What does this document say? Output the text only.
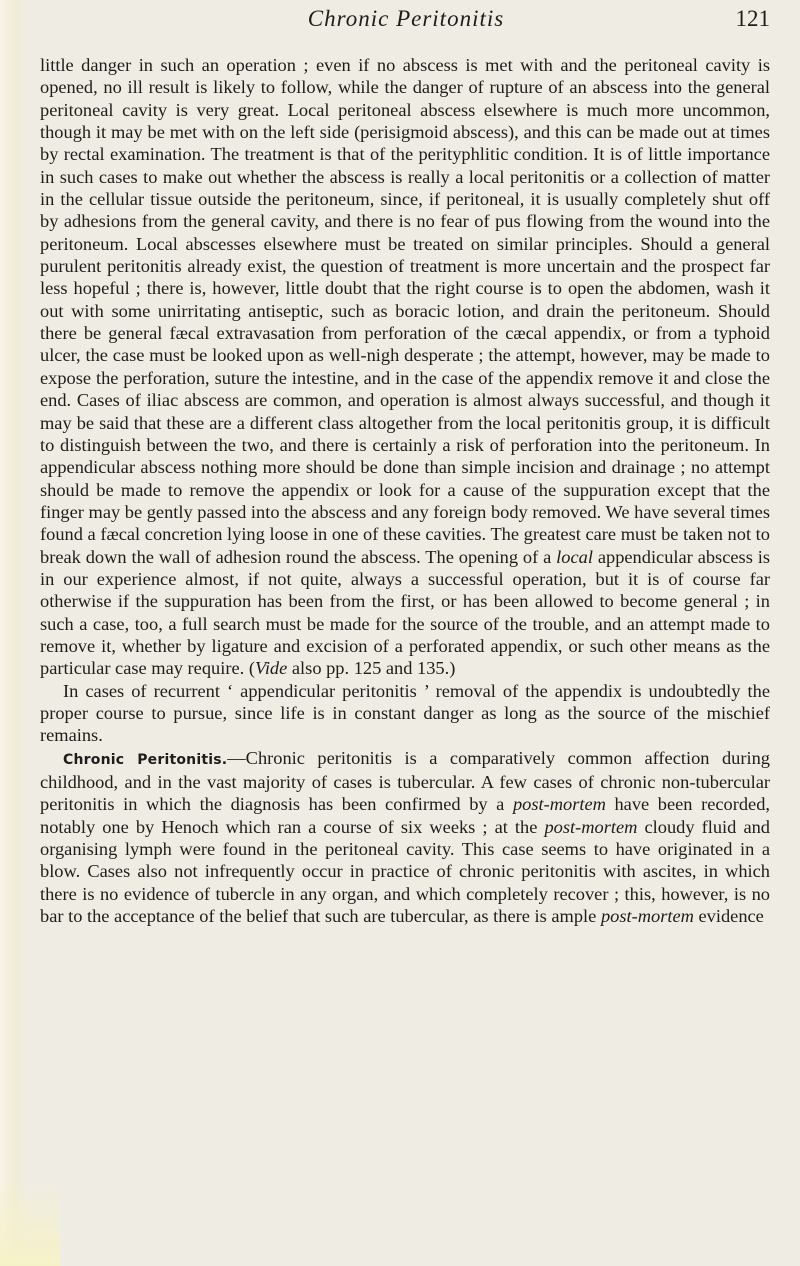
Chronic Peritonitis	121

little danger in such an operation ; even if no abscess is met with and the peritoneal cavity is opened, no ill result is likely to follow, while the danger of rupture of an abscess into the general peritoneal cavity is very great. Local peritoneal abscess elsewhere is much more uncommon, though it may be met with on the left side (perisigmoid abscess), and this can be made out at times by rectal examination. The treatment is that of the perityphlitic condition. It is of little importance in such cases to make out whether the abscess is really a local peritonitis or a collection of matter in the cellular tissue outside the peritoneum, since, if peritoneal, it is usually completely shut off by adhesions from the general cavity, and there is no fear of pus flowing from the wound into the peritoneum. Local abscesses elsewhere must be treated on similar principles. Should a general purulent peritonitis already exist, the question of treatment is more uncertain and the prospect far less hopeful ; there is, however, little doubt that the right course is to open the abdomen, wash it out with some unirritating antiseptic, such as boracic lotion, and drain the peritoneum. Should there be general fæcal extravasation from perforation of the cæcal appendix, or from a typhoid ulcer, the case must be looked upon as well-nigh desperate ; the attempt, however, may be made to expose the perforation, suture the intestine, and in the case of the appendix remove it and close the end. Cases of iliac abscess are common, and operation is almost always successful, and though it may be said that these are a different class altogether from the local peritonitis group, it is difficult to distinguish between the two, and there is certainly a risk of perforation into the peritoneum. In appendicular abscess nothing more should be done than simple incision and drainage ; no attempt should be made to remove the appendix or look for a cause of the suppuration except that the finger may be gently passed into the abscess and any foreign body removed. We have several times found a fæcal concretion lying loose in one of these cavities. The greatest care must be taken not to break down the wall of adhesion round the abscess. The opening of a local appendicular abscess is in our experience almost, if not quite, always a successful operation, but it is of course far otherwise if the suppuration has been from the first, or has been allowed to become general ; in such a case, too, a full search must be made for the source of the trouble, and an attempt made to remove it, whether by ligature and excision of a perforated appendix, or such other means as the particular case may require. (Vide also pp. 125 and 135.)

In cases of recurrent ‘ appendicular peritonitis ’ removal of the appendix is undoubtedly the proper course to pursue, since life is in constant danger as long as the source of the mischief remains.

Chronic Peritonitis.—Chronic peritonitis is a comparatively common affection during childhood, and in the vast majority of cases is tubercular. A few cases of chronic non-tubercular peritonitis in which the diagnosis has been confirmed by a post-mortem have been recorded, notably one by Henoch which ran a course of six weeks ; at the post-mortem cloudy fluid and organising lymph were found in the peritoneal cavity. This case seems to have originated in a blow. Cases also not infrequently occur in practice of chronic peritonitis with ascites, in which there is no evidence of tubercle in any organ, and which completely recover ; this, however, is no bar to the acceptance of the belief that such are tubercular, as there is ample post-mortem evidence
